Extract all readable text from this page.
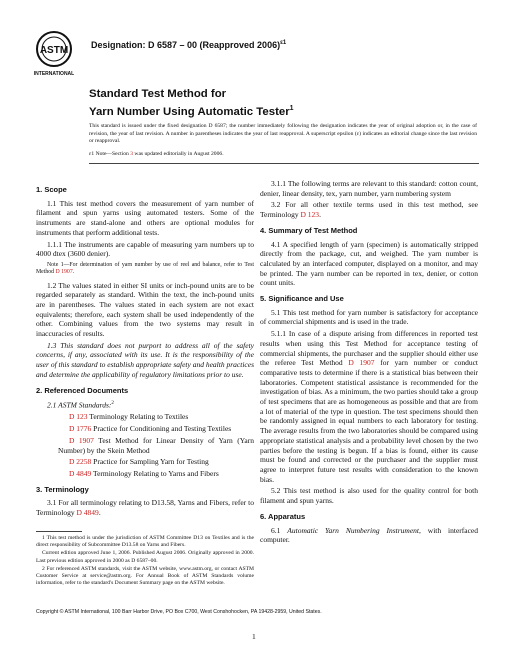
ASTM
INTERNATIONAL
Designation: D 6587 – 00 (Reapproved 2006)$^{\varepsilon 1}$
Standard Test Method for
Yarn Number Using Automatic Tester$^1$
This standard is issued under the fixed designation D 6587; the number immediately following the designation indicates the year of original adoption or, in the case of revision, the year of last revision. A number in parentheses indicates the year of last reapproval. A superscript epsilon (ε) indicates an editorial change since the last revision or reapproval.
ε1 Note—Section 3 was updated editorially in August 2006.
1. Scope

1.1 This test method covers the measurement of yarn number of filament and spun yarns using automated testers. Some of the instruments are stand-alone and others are optional modules for instruments that perform additional tests.

1.1.1 The instruments are capable of measuring yarn numbers up to 4000 dtex (3600 denier).

Note 1—For determination of yarn number by use of reel and balance, refer to Test Method D 1907.

1.2 The values stated in either SI units or inch-pound units are to be regarded separately as standard. Within the text, the inch-pound units are in parentheses. The values stated in each system are not exact equivalents; therefore, each system shall be used independently of the other. Combining values from the two systems may result in inaccuracies of results.

1.3 This standard does not purport to address all of the safety concerns, if any, associated with its use. It is the responsibility of the user of this standard to establish appropriate safety and health practices and determine the applicability of regulatory limitations prior to use.

2. Referenced Documents

2.1 ASTM Standards:$^2$

D 123 Terminology Relating to Textiles

D 1776 Practice for Conditioning and Testing Textiles

D 1907 Test Method for Linear Density of Yarn (Yarn Number) by the Skein Method

D 2258 Practice for Sampling Yarn for Testing

D 4849 Terminology Relating to Yarns and Fibers

3. Terminology

3.1 For all terminology relating to D13.58, Yarns and Fibers, refer to Terminology D 4849.

1 This test method is under the jurisdiction of ASTM Committee D13 on Textiles and is the direct responsibility of Subcommittee D13.58 on Yarns and Fibers.

Current edition approved June 1, 2006. Published August 2006. Originally approved in 2000. Last previous edition approved in 2000 as D 6587–00.

2 For referenced ASTM standards, visit the ASTM website, www.astm.org, or contact ASTM Customer Service at service@astm.org. For Annual Book of ASTM Standards volume information, refer to the standard's Document Summary page on the ASTM website.

3.1.1 The following terms are relevant to this standard: cotton count, denier, linear density, tex, yarn number, yarn numbering system

3.2 For all other textile terms used in this test method, see Terminology D 123.

4. Summary of Test Method

4.1 A specified length of yarn (specimen) is automatically stripped directly from the package, cut, and weighed. The yarn number is calculated by an interfaced computer, displayed on a monitor, and may be printed. The yarn number can be reported in tex, denier, or cotton count units.

5. Significance and Use

5.1 This test method for yarn number is satisfactory for acceptance of commercial shipments and is used in the trade.

5.1.1 In case of a dispute arising from differences in reported test results when using this Test Method for acceptance testing of commercial shipments, the purchaser and the supplier should either use the referee Test Method D 1907 for yarn number or conduct comparative tests to determine if there is a statistical bias between their laboratories. Competent statistical assistance is recommended for the investigation of bias. As a minimum, the two parties should take a group of test specimens that are as homogeneous as possible and that are from a lot of material of the type in question. The test specimens should then be randomly assigned in equal numbers to each laboratory for testing. The average results from the two laboratories should be compared using appropriate statistical analysis and a probability level chosen by the two parties before the testing is begun. If a bias is found, either its cause must be found and corrected or the purchaser and the supplier must agree to interpret future test results with consideration to the known bias.

5.2 This test method is also used for the quality control for both filament and spun yarns.

6. Apparatus

6.1 Automatic Yarn Numbering Instrument, with interfaced computer.

Copyright © ASTM International, 100 Barr Harbor Drive, PO Box C700, West Conshohocken, PA 19428-2959, United States.
1
